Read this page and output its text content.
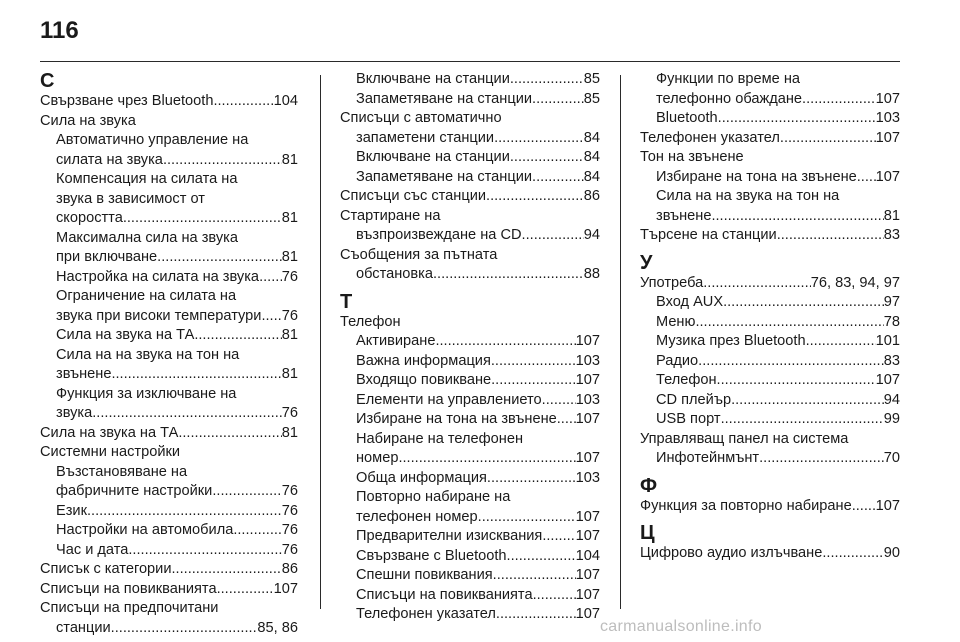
116
С
Свързване чрез Bluetooth .....	104
Сила на звука
Автоматично управление на
силата на звука .....	81
Компенсация на силата на
звука в зависимост от
скоростта .....	81
Максимална сила на звука
при включване .....	81
Настройка на силата на звука ..... 76
Ограничение на силата на
звука при високи температури ..... 76
Сила на звука на ТА .....	81
Сила на на звука на тон на
звънене .....	81
Функция за изключване на
звука .....	76
Сила на звука на ТА .....	81
Системни настройки
Възстановяване на
фабричните настройки .....	76
Език .....	76
Настройки на автомобила .....	76
Час и дата .....	76
Списък с категории .....	86
Списъци на повикванията .....	107
Списъци на предпочитани
станции .....	85, 86
Включване на станции .....	85
Запаметяване на станции .....	85
Списъци с автоматично
запаметени станции .....	84
Включване на станции .....	84
Запаметяване на станции .....	84
Списъци със станции .....	86
Стартиране на
възпроизвеждане на CD .....	94
Съобщения за пътната
обстановка .....	88
Т
Телефон
Активиране .....	107
Важна информация .....	103
Входящо повикване .....	107
Елементи на управлението ..... 103
Избиране на тона на звънене ..... 107
Набиране на телефонен
номер .....	107
Обща информация .....	103
Повторно набиране на
телефонен номер .....	107
Предварителни изисквания ..... 107
Свързване с Bluetooth .....	104
Спешни повиквания .....	107
Списъци на повикванията .....	107
Телефонен указател .....	107
Функции по време на
телефонно обаждане .....	107
Bluetooth .....	103
Телефонен указател .....	107
Тон на звънене
Избиране на тона на звънене ..... 107
Сила на на звука на тон на
звънене .....	81
Търсене на станции .....	83
У
Употреба .....	76, 83, 94, 97
Вход AUX .....	97
Меню .....	78
Музика през Bluetooth .....	101
Радио .....	83
Телефон .....	107
CD плейър .....	94
USB порт .....	99
Управляващ панел на система
Инфотейнмънт .....	70
Ф
Функция за повторно набиране ..... 107
Ц
Цифрово аудио излъчване .....	90
carmanualsonline.info
